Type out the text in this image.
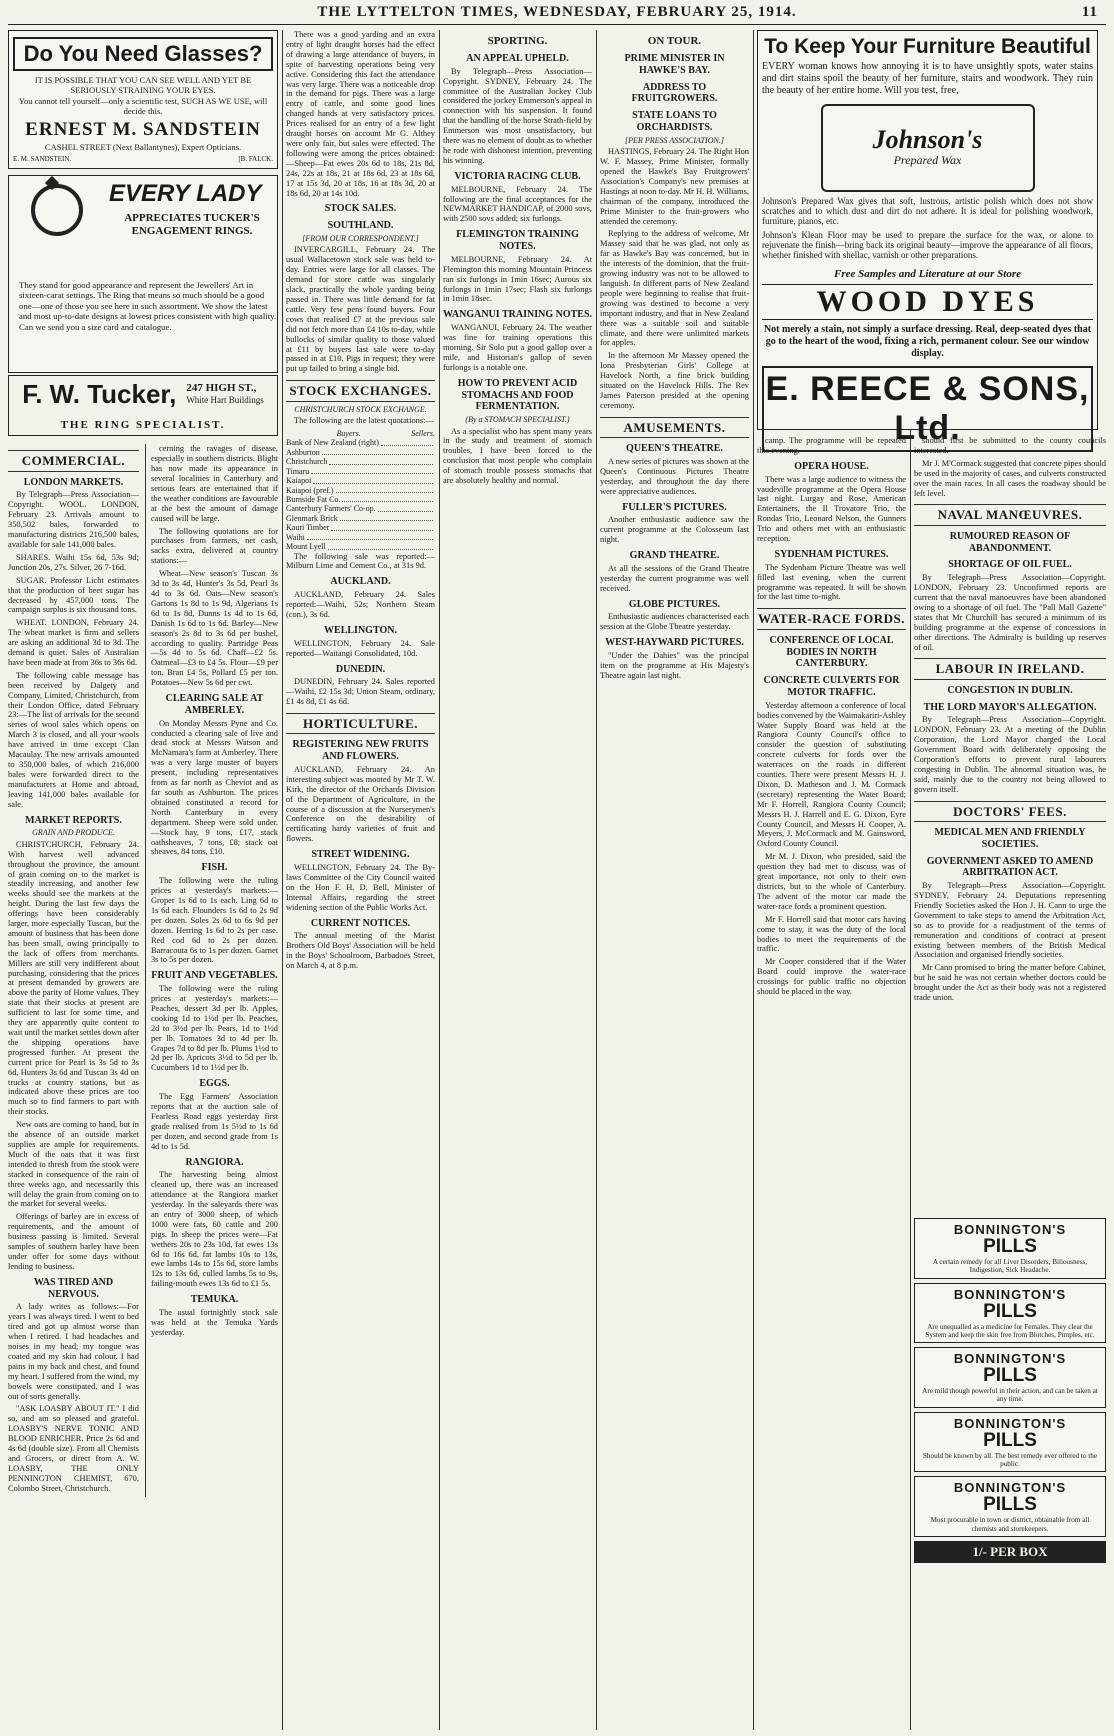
THE LYTTELTON TIMES, WEDNESDAY, FEBRUARY 25, 1914.	11
Do You Need Glasses?
IT IS POSSIBLE THAT YOU CAN SEE WELL AND YET BE SERIOUSLY STRAINING YOUR EYES.
You cannot tell yourself—only a scientific test, SUCH AS WE USE, will decide this.
ERNEST M. SANDSTEIN
CASHEL STREET (Next Ballantynes), Expert Opticians.
E. M. SANDSTEIN.	[B. FALCK.
EVERY LADY
APPRECIATES TUCKER'S ENGAGEMENT RINGS.
They stand for good appearance and represent the Jewellers' Art in sixteen-carat settings. The Ring that means so much should be a good one—one of those you see here in such assortment. We show the latest and most up-to-date designs at lowest prices consistent with high quality. Can we send you a size card and catalogue.
F. W. Tucker, 247 HIGH ST.,
White Hart Buildings
THE RING SPECIALIST.
COMMERCIAL.
LONDON MARKETS.

By Telegraph—Press Association—Copyright. WOOL. LONDON, February 23. Arrivals amount to 350,502 bales, forwarded to manufacturing districts 216,500 bales, available for sale 141,000 bales.

SHARES. Waihi 15s 6d, 53s 9d; Junction 20s, 27s. Silver, 26 7-16d.

SUGAR. Professor Licht estimates that the production of beet sugar has decreased by 457,000 tons. The campaign surplus is six thousand tons.

WHEAT. LONDON, February 24. The wheat market is firm and sellers are asking an additional 3d to 3d. The demand is quiet. Sales of Australian have been made at from 36s to 36s 6d.

The following cable message has been received by Dalgety and Company, Limited, Christchurch, from their London Office, dated February 23:—The list of arrivals for the second series of wool sales which opens on March 3 is closed, and all your wools have arrived in time except Clan Macaulay. The new arrivals amounted to 350,000 bales, of which 216,000 bales were forwarded direct to the manufacturers at Home and abroad, leaving 141,000 bales available for sale.

MARKET REPORTS.
GRAIN AND PRODUCE.

CHRISTCHURCH, February 24. With harvest well advanced throughout the province, the amount of grain coming on to the market is steadily increasing, and another few weeks should see the markets at the height. During the last few days the offerings have been considerably larger, more especially Tuscan, but the amount of business that has been done has been small, owing principally to the lack of offers from merchants. Millers are still very indifferent about purchasing, considering that the prices at present demanded by growers are above the parity of Home values. They state that their stocks at present are sufficient to last for some time, and they are apparently quite content to wait until the market settles down after the shipping operations have progressed further. At present the current price for Pearl is 3s 5d to 3s 6d, Hunters 3s 6d and Tuscan 3s 4d on trucks at country stations, but as indicated above these prices are too much so to find farmers to part with their stocks.

New oats are coming to hand, but in the absence of an outside market supplies are ample for requirements. Much of the oats that it was first intended to thresh from the stook were stacked in consequence of the rain of three weeks ago, and necessarily this will delay the grain from coming on to the market for several weeks.

Offerings of barley are in excess of requirements, and the amount of business passing is limited. Several samples of southern barley have been under offer for some days without lending to business.

WAS TIRED AND NERVOUS.

A lady writes as follows:—For years I was always tired. I went to bed tired and got up almost worse than when I retired. I had headaches and noises in my head; my tongue was coated and my skin had colour. I had pains in my back and chest, and found my heart. I suffered from the wind, my bowels were constipated, and I was out of sorts generally.

"ASK LOASBY ABOUT IT." I did so, and am so pleased and grateful. LOASBY'S NERVE TONIC AND BLOOD ENRICHER. Price 2s 6d and 4s 6d (double size). From all Chemists and Grocers, or direct from A. W. LOASBY, THE ONLY PENNINGTON CHEMIST, 670, Colombo Street, Christchurch.

cerning the ravages of disease, especially in southern districts. Blight has now made its appearance in several localities in Canterbury and serious fears are entertained that if the weather conditions are favourable at the best the amount of damage caused will be large.

The following quotations are for purchases from farmers, net cash, sacks extra, delivered at country stations:—

Wheat—New season's Tuscan 3s 3d to 3s 4d, Hunter's 3s 5d, Pearl 3s 4d to 3s 6d. Oats—New season's Gartons 1s 8d to 1s 9d, Algerians 1s 6d to 1s 8d, Dunns 1s 4d to 1s 6d, Danish 1s 6d to 1s 6d. Barley—New season's 2s 8d to 3s 6d per bushel, according to quality. Partridge Peas—5s 4d to 5s 6d. Chaff—£2 5s. Oatmeal—£3 to £4 5s. Flour—£9 per ton. Bran £4 5s, Pollard £5 per ton. Potatoes—New 5s 6d per cwt.

CLEARING SALE AT AMBERLEY.

On Monday Messrs Pyne and Co. conducted a clearing sale of live and dead stock at Messrs Watson and McNamara's farm at Amberley. There was a very large muster of buyers present, including representatives from as far north as Cheviot and as far south as Ashburton. The prices obtained constituted a record for North Canterbury in every department. Sheep were sold under.—Stock hay, 9 tons, £17, stack oathsheaves, 7 tons, £8; stack oat sheaves, 84 tons, £10.

FISH.

The following were the ruling prices at yesterday's markets:—Groper 1s 6d to 1s each. Ling 6d to 1s 6d each. Flounders 1s 6d to 2s 9d per dozen. Soles 2s 6d to 6s 9d per dozen. Herring 1s 6d to 2s per case. Red cod 6d to 2s per dozen. Barracouta 6s to 1s per dozen. Garnet 3s to 5s per dozen.

FRUIT AND VEGETABLES.

The following were the ruling prices at yesterday's markets:—Peaches, dessert 3d per lb. Apples, cooking 1d to 1½d per lb. Peaches, 2d to 3½d per lb. Pears, 1d to 1½d per lb. Tomatoes 3d to 4d per lb. Grapes 7d to 8d per lb. Plums 1½d to 2d per lb. Apricots 3½d to 5d per lb. Cucumbers 1d to 1½d per lb.

EGGS.

The Egg Farmers' Association reports that at the auction sale of Fearless Road eggs yesterday first grade realised from 1s 5½d to 1s 6d per dozen, and second grade from 1s 4d to 1s 5d.

RANGIORA.

The harvesting being almost cleaned up, there was an increased attendance at the Rangiora market yesterday. In the saleyards there was an entry of 3000 sheep, of which 1000 were fats, 60 cattle and 200 pigs. In sheep the prices were—Fat wethers 20s to 23s 10d, fat ewes 13s 6d to 16s 6d, fat lambs 10s to 13s, ewe lambs 14s to 15s 6d, store lambs 12s to 13s 6d, culled lambs 5s to 9s, failing-mouth ewes 13s 6d to £1 5s.

TEMUKA.

The usual fortnightly stock sale was held at the Temuka Yards yesterday.

There was a good yarding and an extra entry of light draught horses had the effect of drawing a large attendance of buyers, in spite of harvesting operations being very active. Considering this fact the attendance was very large. There was a noticeable drop in the demand for pigs. There was a large entry of cattle, and some good lines changed hands at very satisfactory prices. Prices realised for an entry of a few light draught horses on account Mr G. Althey were only fair, but sales were effected. The following were among the prices obtained:—Sheep—Fat ewes 20s 6d to 18s, 21s 8d, 24s, 22s at 18s, 21 at 18s 6d, 23 at 18s 6d, 17 at 15s 3d, 20 at 18s, 16 at 18s 3d, 20 at 18s 6d, 20 at 14s 10d.

STOCK SALES.
SOUTHLAND.
[FROM OUR CORRESPONDENT.]

INVERCARGILL, February 24. The usual Wallacetown stock sale was held to-day. Entries were large for all classes. The demand for store cattle was singularly slack, practically the whole yarding being passed in. There was little demand for fat cattle. Very few pens found buyers. Four cows that realised £7 at the previous sale did not fetch more than £4 10s to-day, while bullocks of similar quality to those valued at £11 by buyers last sale were to-day passed in at £10. Pigs in request; they were put up failed to bring a single bid.

STOCK EXCHANGES.
CHRISTCHURCH STOCK EXCHANGE.

The following are the latest quotations:—

Buyers.	Sellers.
Bank of New Zealand (right)
Ashburton
Christchurch
Timaru
Kaiapoi
Kaiapoi (pref.)
Burnside Fat Co.
Canterbury Farmers' Co-op.
Glenmark Brick
Kauri Timber
Waihi
Mount Lyell

The following sale was reported:—Milburn Lime and Cement Co., at 31s 9d.

AUCKLAND.

AUCKLAND, February 24. Sales reported:—Waihi, 52s; Northern Steam (con.), 3s 6d.

WELLINGTON.

WELLINGTON, February 24. Sale reported—Waitangi Consolidated, 10d.

DUNEDIN.

DUNEDIN, February 24. Sales reported—Waihi, £2 15s 3d; Union Steam, ordinary, £1 4s 8d, £1 4s 6d.

HORTICULTURE.
REGISTERING NEW FRUITS AND FLOWERS.

AUCKLAND, February 24. An interesting subject was mooted by Mr T. W. Kirk, the director of the Orchards Division of the Department of Agriculture, in the course of a discussion at the Nurserymen's Conference on the desirability of certificating hardy varieties of fruit and flowers.

STREET WIDENING.

WELLINGTON, February 24. The By-laws Committee of the City Council waited on the Hon F. H. D. Bell, Minister of Internal Affairs, regarding the street widening section of the Public Works Act.

CURRENT NOTICES.

The annual meeting of the Marist Brothers Old Boys' Association will be held in the Boys' Schoolroom, Barbadoes Street, on March 4, at 8 p.m.

SPORTING.
AN APPEAL UPHELD.

By Telegraph—Press Association—Copyright. SYDNEY, February 24. The committee of the Australian Jockey Club considered the jockey Emmerson's appeal in connection with his suspension. It found that the handling of the horse Strath-field by Emmerson was most unsatisfactory, but there was no element of doubt as to whether he rode with dishonest intention, preventing his winning.

VICTORIA RACING CLUB.

MELBOURNE, February 24. The following are the final acceptances for the NEWMARKET HANDICAP, of 2000 sovs, with 2500 sovs added; six furlongs.

FLEMINGTON TRAINING NOTES.

MELBOURNE, February 24. At Flemington this morning Mountain Princess ran six furlongs in 1min 16sec; Aurous six furlongs in 1min 17sec; Flash six furlongs in 1min 18sec.

WANGANUI TRAINING NOTES.

WANGANUI, February 24. The weather was fine for training operations this morning. Sir Solo put a good gallop over a mile, and Historian's gallop of seven furlongs is a notable one.

HOW TO PREVENT ACID STOMACHS AND FOOD FERMENTATION.
(By a STOMACH SPECIALIST.)

As a specialist who has spent many years in the study and treatment of stomach troubles, I have been forced to the conclusion that most people who complain of stomach trouble possess stomachs that are absolutely healthy and normal.

ON TOUR.
PRIME MINISTER IN HAWKE'S BAY.
ADDRESS TO FRUITGROWERS.
STATE LOANS TO ORCHARDISTS.
[PER PRESS ASSOCIATION.]

HASTINGS, February 24. The Right Hon W. F. Massey, Prime Minister, formally opened the Hawke's Bay Fruitgrowers' Association's Company's new premises at Hastings at noon to-day. Mr H. H. Williams, chairman of the company, introduced the Prime Minister to the fruit-growers who attended the ceremony.

Replying to the address of welcome, Mr Massey said that he was glad, not only as far as Hawke's Bay was concerned, but in the interests of the dominion, that the fruit-growing industry was not to be allowed to languish. In different parts of New Zealand people were beginning to realise that fruit-growing was destined to become a very important industry, and that in New Zealand there was a suitable soil and suitable climate, and there were unlimited markets for apples.

In the afternoon Mr Massey opened the Iona Presbyterian Girls' College at Havelock North, a fine brick building situated on the Havelock Hills. The Rev James Paterson presided at the opening ceremony.

AMUSEMENTS.
QUEEN'S THEATRE.

A new series of pictures was shown at the Queen's Continuous Pictures Theatre yesterday, and throughout the day there were appreciative audiences.

FULLER'S PICTURES.

Another enthusiastic audience saw the current programme at the Colosseum last night.

GRAND THEATRE.

At all the sessions of the Grand Theatre yesterday the current programme was well received.

GLOBE PICTURES.

Enthusiastic audiences characterised each session at the Globe Theatre yesterday.

WEST-HAYWARD PICTURES.

"Under the Dahies" was the principal item on the programme at His Majesty's Theatre again last night.

To Keep Your Furniture Beautiful
EVERY woman knows how annoying it is to have unsightly spots, water stains and dirt stains spoil the beauty of her furniture, stairs and woodwork. They ruin the beauty of her entire home. Will you test, free,
Johnson's
Prepared Wax
Johnson's Prepared Wax gives that soft, lustrous, artistic polish which does not show scratches and to which dust and dirt do not adhere. It is ideal for polishing woodwork, furniture, pianos, etc.
Johnson's Klean Floor may be used to prepare the surface for the wax, or alone to rejuvenate the finish—bring back its original beauty—improve the appearance of all floors, whether finished with shellac, varnish or other preparations.
Free Samples and Literature at our Store
WOOD DYES
Not merely a stain, not simply a surface dressing. Real, deep-seated dyes that go to the heart of the wood, fixing a rich, permanent colour. See our window display.
E. REECE & SONS, Ltd.

camp. The programme will be repeated this evening.

OPERA HOUSE.

There was a large audience to witness the vaudeville programme at the Opera House last night. Lurgay and Rose, American Entertainers, the Il Trovatore Trio, the Rondas Trio, Leonard Nelson, the Gunners Trio and others met with an enthusiastic reception.

SYDENHAM PICTURES.

The Sydenham Picture Theatre was well filled last evening, when the current programme was repeated. It will be shown for the last time to-night.

WATER-RACE FORDS.
CONFERENCE OF LOCAL BODIES IN NORTH CANTERBURY.
CONCRETE CULVERTS FOR MOTOR TRAFFIC.

Yesterday afternoon a conference of local bodies convened by the Waimakariri-Ashley Water Supply Board was held at the Rangiora County Council's office to consider the question of substituting concrete culverts for fords over the waterraces on the roads in different counties. There were present Messrs H. J. Dixon, D. Matheson and J. M. Cormack (secretary) representing the Water Board; Mr F. Horrell, Rangiora County Council; Messrs H. J. Harrell and E. G. Dixon, Eyre County Council, and Messrs H. Cooper, A. Meyers, J. McCormack and M. Gainsword, Oxford County Council.

Mr M. J. Dixon, who presided, said the question they had met to discuss was of great importance, not only to their own districts, but to the whole of Canterbury. The advent of the motor car made the water-race fords a prominent question.

Mr F. Horrell said that motor cars having come to stay, it was the duty of the local bodies to meet the requirements of the traffic.

Mr Cooper considered that if the Water Board could improve the water-race crossings for public traffic no objection should be placed in the way.

should first be submitted to the county councils interested.

Mr J. M'Cormack suggested that concrete pipes should be used in the majority of cases, and culverts constructed over the main races. In all cases the roadway should be left level.

NAVAL MANŒUVRES.
RUMOURED REASON OF ABANDONMENT.
SHORTAGE OF OIL FUEL.

By Telegraph—Press Association—Copyright. LONDON, February 23. Unconfirmed reports are current that the naval manoeuvres have been abandoned owing to a shortage of oil fuel. The "Pall Mall Gazette" states that Mr Churchill has secured a minimum of its building programme at the expense of concessions in other directions. The Admiralty is building up reserves of oil.

LABOUR IN IRELAND.
CONGESTION IN DUBLIN.
THE LORD MAYOR'S ALLEGATION.

By Telegraph—Press Association—Copyright. LONDON, February 23. At a meeting of the Dublin Corporation, the Lord Mayor charged the Local Government Board with deliberately opposing the Corporation's efforts to prevent rural labourers congesting in Dublin. The abnormal situation was, he said, mainly due to the country not being allowed to govern itself.

DOCTORS' FEES.
MEDICAL MEN AND FRIENDLY SOCIETIES.
GOVERNMENT ASKED TO AMEND ARBITRATION ACT.

By Telegraph—Press Association—Copyright. SYDNEY, February 24. Deputations representing Friendly Societies asked the Hon J. H. Cann to urge the Government to take steps to amend the Arbitration Act, so as to provide for a readjustment of the terms of remuneration and conditions of contract at present existing between members of the British Medical Association and organised friendly societies.

Mr Cann promised to bring the matter before Cabinet, but he said he was not certain whether doctors could be brought under the Act as their body was not a registered trade union.

BONNINGTON'S
PILLS
A certain remedy for all Liver Disorders, Biliousness, Indigestion, Sick Headache.
BONNINGTON'S
PILLS
Are unequalled as a medicine for Females. They clear the System and keep the skin free from Blotches, Pimples, etc.
BONNINGTON'S
PILLS
Are mild though powerful in their action, and can be taken at any time.
BONNINGTON'S
PILLS
Should be known by all. The best remedy ever offered to the public.
BONNINGTON'S
PILLS
Most procurable in town or district, obtainable from all chemists and storekeepers.
1/- PER BOX
